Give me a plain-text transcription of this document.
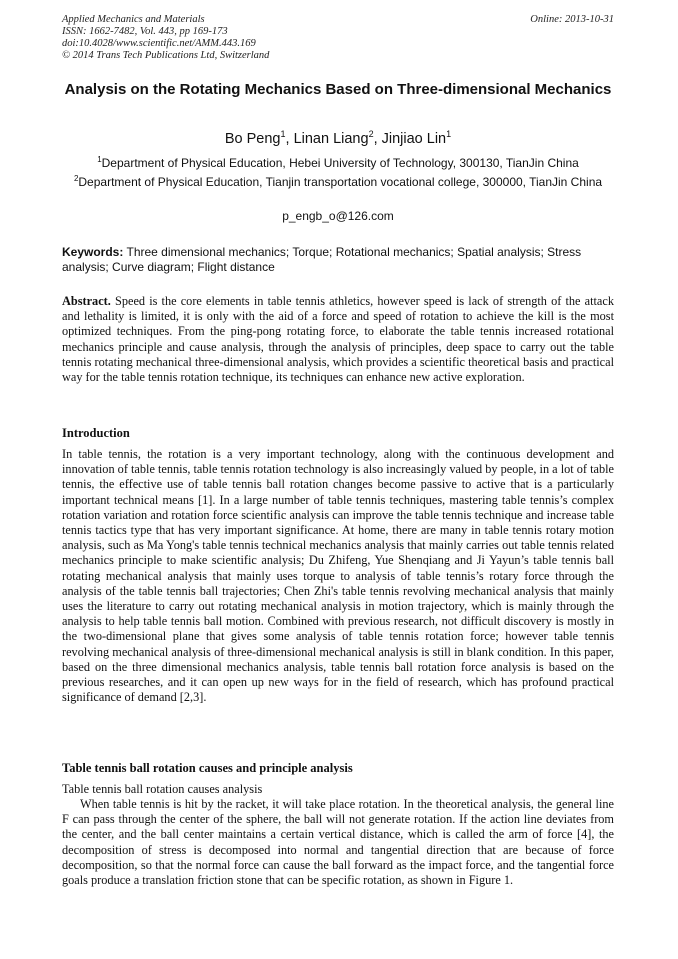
Applied Mechanics and Materials
ISSN: 1662-7482, Vol. 443, pp 169-173
doi:10.4028/www.scientific.net/AMM.443.169
© 2014 Trans Tech Publications Ltd, Switzerland
Online: 2013-10-31
Analysis on the Rotating Mechanics Based on Three-dimensional Mechanics
Bo Peng$^1$, Linan Liang$^2$, Jinjiao Lin$^1$
$^1$Department of Physical Education, Hebei University of Technology, 300130, TianJin China
$^2$Department of Physical Education, Tianjin transportation vocational college, 300000, TianJin China
p_engb_o@126.com
Keywords: Three dimensional mechanics; Torque; Rotational mechanics; Spatial analysis; Stress analysis; Curve diagram; Flight distance
Abstract. Speed is the core elements in table tennis athletics, however speed is lack of strength of the attack and lethality is limited, it is only with the aid of a force and speed of rotation to achieve the kill is the most optimized techniques. From the ping-pong rotating force, to elaborate the table tennis increased rotational mechanics principle and cause analysis, through the analysis of principles, deep space to carry out the table tennis rotating mechanical three-dimensional analysis, which provides a scientific theoretical basis and practical way for the table tennis rotation technique, its techniques can enhance new active exploration.
Introduction
In table tennis, the rotation is a very important technology, along with the continuous development and innovation of table tennis, table tennis rotation technology is also increasingly valued by people, in a lot of table tennis, the effective use of table tennis ball rotation changes become passive to active that is a particularly important technical means [1]. In a large number of table tennis techniques, mastering table tennis’s complex rotation variation and rotation force scientific analysis can improve the table tennis technique and increase table tennis tactics type that has very important significance. At home, there are many in table tennis rotary motion analysis, such as Ma Yong's table tennis technical mechanics analysis that mainly carries out table tennis related mechanics principle to make scientific analysis; Du Zhifeng, Yue Shenqiang and Ji Yayun’s table tennis ball rotating mechanical analysis that mainly uses torque to analysis of table tennis’s rotary force through the analysis of the table tennis ball trajectories; Chen Zhi's table tennis revolving mechanical analysis that mainly uses the literature to carry out rotating mechanical analysis in motion trajectory, which is mainly through the analysis to help table tennis ball motion. Combined with previous research, not difficult discovery is mostly in the two-dimensional plane that gives some analysis of table tennis rotation force; however table tennis revolving mechanical analysis of three-dimensional mechanical analysis is still in blank condition. In this paper, based on the three dimensional mechanics analysis, table tennis ball rotation force analysis is based on the previous researches, and it can open up new ways for in the field of research, which has profound practical significance of demand [2,3].
Table tennis ball rotation causes and principle analysis
Table tennis ball rotation causes analysis
When table tennis is hit by the racket, it will take place rotation. In the theoretical analysis, the general line F can pass through the center of the sphere, the ball will not generate rotation. If the action line deviates from the center, and the ball center maintains a certain vertical distance, which is called the arm of force [4], the decomposition of stress is decomposed into normal and tangential direction that are because of force decomposition, so that the normal force can cause the ball forward as the impact force, and the tangential force goals produce a translation friction stone that can be specific rotation, as shown in Figure 1.
